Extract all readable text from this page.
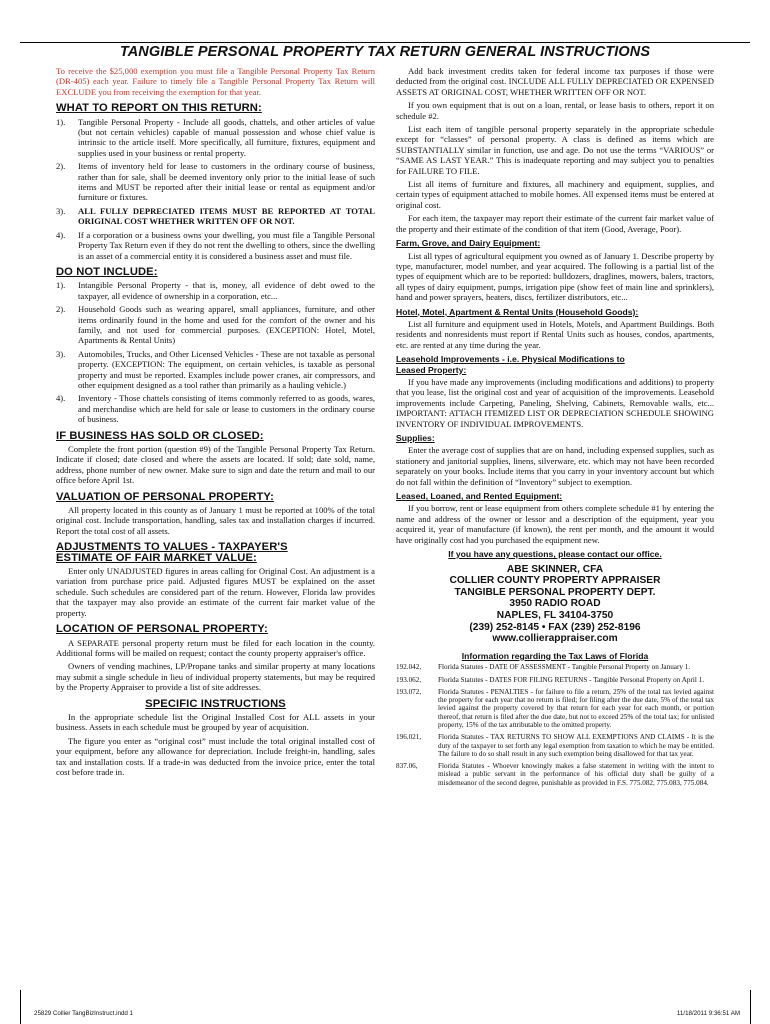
TANGIBLE PERSONAL PROPERTY TAX RETURN GENERAL INSTRUCTIONS

To receive the $25,000 exemption you must file a Tangible Personal Property Tax Return (DR-405) each year. Failure to timely file a Tangible Personal Property Tax Return will EXCLUDE you from receiving the exemption for that year.

WHAT TO REPORT ON THIS RETURN:
1).	Tangible Personal Property - Include all goods, chattels, and other articles of value (but not certain vehicles) capable of manual possession and whose chief value is intrinsic to the article itself. More specifically, all furniture, fixtures, equipment and supplies used in your business or rental property.
2).	Items of inventory held for lease to customers in the ordinary course of business, rather than for sale, shall be deemed inventory only prior to the initial lease of such items and MUST be reported after their initial lease or rental as equipment and/or furniture or fixtures.
3).	ALL FULLY DEPRECIATED ITEMS MUST BE REPORTED AT TOTAL ORIGINAL COST WHETHER WRITTEN OFF OR NOT.
4).	If a corporation or a business owns your dwelling, you must file a Tangible Personal Property Tax Return even if they do not rent the dwelling to others, since the dwelling is an asset of a commercial entity it is considered a business asset and must file.
DO NOT INCLUDE:
1).	Intangible Personal Property - that is, money, all evidence of debt owed to the taxpayer, all evidence of ownership in a corporation, etc...
2).	Household Goods such as wearing apparel, small appliances, furniture, and other items ordinarily found in the home and used for the comfort of the owner and his family, and not used for commercial purposes. (EXCEPTION: Hotel, Motel, Apartments & Rental Units)
3).	Automobiles, Trucks, and Other Licensed Vehicles - These are not taxable as personal property. (EXCEPTION: The equipment, on certain vehicles, is taxable as personal property and must be reported. Examples include power cranes, air compressors, and other equipment designed as a tool rather than primarily as a hauling vehicle.)
4).	Inventory - Those chattels consisting of items commonly referred to as goods, wares, and merchandise which are held for sale or lease to customers in the ordinary course of business.
IF BUSINESS HAS SOLD OR CLOSED:

Complete the front portion (question #9) of the Tangible Personal Property Tax Return. Indicate if closed; date closed and where the assets are located. If sold; date sold, name, address, phone number of new owner. Make sure to sign and date the return and mail to our office before April 1st.

VALUATION OF PERSONAL PROPERTY:

All property located in this county as of January 1 must be reported at 100% of the total original cost. Include transportation, handling, sales tax and installation charges if incurred. Report the total cost of all assets.

ADJUSTMENTS TO VALUES - TAXPAYER'S
ESTIMATE OF FAIR MARKET VALUE:

Enter only UNADJUSTED figures in areas calling for Original Cost. An adjustment is a variation from purchase price paid. Adjusted figures MUST be explained on the asset schedule. Such schedules are considered part of the return. However, Florida law provides that the taxpayer may also provide an estimate of the current fair market value of the property.

LOCATION OF PERSONAL PROPERTY:

A SEPARATE personal property return must be filed for each location in the county. Additional forms will be mailed on request; contact the county property appraiser's office.

Owners of vending machines, LP/Propane tanks and similar property at many locations may submit a single schedule in lieu of individual property statements, but may be required by the Property Appraiser to provide a list of site addresses.

SPECIFIC INSTRUCTIONS

In the appropriate schedule list the Original Installed Cost for ALL assets in your business. Assets in each schedule must be grouped by year of acquisition.

The figure you enter as “original cost” must include the total original installed cost of your equipment, before any allowance for depreciation. Include freight-in, handling, sales tax and installation costs. If a trade-in was deducted from the invoice price, enter the total cost before trade in.

Add back investment credits taken for federal income tax purposes if those were deducted from the original cost. INCLUDE ALL FULLY DEPRECIATED OR EXPENSED ASSETS AT ORIGINAL COST, WHETHER WRITTEN OFF OR NOT.

If you own equipment that is out on a loan, rental, or lease basis to others, report it on schedule #2.

List each item of tangible personal property separately in the appropriate schedule except for “classes” of personal property. A class is defined as items which are SUBSTANTIALLY similar in function, use and age. Do not use the terms “VARIOUS” or “SAME AS LAST YEAR.” This is inadequate reporting and may subject you to penalties for FAILURE TO FILE.

List all items of furniture and fixtures, all machinery and equipment, supplies, and certain types of equipment attached to mobile homes. All expensed items must be entered at original cost.

For each item, the taxpayer may report their estimate of the current fair market value of the property and their estimate of the condition of that item (Good, Average, Poor).

Farm, Grove, and Dairy Equipment:

List all types of agricultural equipment you owned as of January 1. Describe property by type, manufacturer, model number, and year acquired. The following is a partial list of the types of equipment which are to be reported: bulldozers, draglines, mowers, balers, tractors, all types of dairy equipment, pumps, irrigation pipe (show feet of main line and sprinklers), hand and power sprayers, heaters, discs, fertilizer distributors, etc...

Hotel, Motel, Apartment & Rental Units (Household Goods):

List all furniture and equipment used in Hotels, Motels, and Apartment Buildings. Both residents and nonresidents must report if Rental Units such as houses, condos, apartments, etc. are rented at any time during the year.

Leasehold Improvements - i.e. Physical Modifications to
Leased Property:

If you have made any improvements (including modifications and additions) to property that you lease, list the original cost and year of acquisition of the improvements. Leasehold improvements include Carpeting, Paneling, Shelving, Cabinets, Removable walls, etc... IMPORTANT: ATTACH ITEMIZED LIST OR DEPRECIATION SCHEDULE SHOWING INVENTORY OF INDIVIDUAL IMPROVEMENTS.

Supplies:

Enter the average cost of supplies that are on hand, including expensed supplies, such as stationery and janitorial supplies, linens, silverware, etc. which may not have been recorded separately on your books. Include items that you carry in your inventory account but which do not fall within the definition of “Inventory” subject to exemption.

Leased, Loaned, and Rented Equipment:

If you borrow, rent or lease equipment from others complete schedule #1 by entering the name and address of the owner or lessor and a description of the equipment, year you acquired it, year of manufacture (if known), the rent per month, and the amount it would have originally cost had you purchased the equipment new.

If you have any questions, please contact our office.
ABE SKINNER, CFA
COLLIER COUNTY PROPERTY APPRAISER
TANGIBLE PERSONAL PROPERTY DEPT.
3950 RADIO ROAD
NAPLES, FL 34104-3750
(239) 252-8145 • FAX (239) 252-8196
www.collierappraiser.com
Information regarding the Tax Laws of Florida
192.042,	Florida Statutes - DATE OF ASSESSMENT - Tangible Personal Property on January 1.
193.062,	Florida Statutes - DATES FOR FILING RETURNS - Tangible Personal Property on April 1.
193.072,	Florida Statutes - PENALTIES - for failure to file a return, 25% of the total tax levied against the property for each year that no return is filed; for filing after the due date, 5% of the total tax levied against the property covered by that return for each year for each month, or portion thereof, that return is filed after the due date, but not to exceed 25% of the total tax; for unlisted property, 15% of the tax attributable to the omitted property.
196.021,	Florida Statutes - TAX RETURNS TO SHOW ALL EXEMPTIONS AND CLAIMS - It is the duty of the taxpayer to set forth any legal exemption from taxation to which he may be entitled. The failure to do so shall result in any such exemption being disallowed for that tax year.
837.06,	Florida Statutes - Whoever knowingly makes a false statement in writing with the intent to mislead a public servant in the performance of his official duty shall be guilty of a misdemeanor of the second degree, punishable as provided in F.S. 775.082, 775.083, 775.084.
25829 Collier TangBizInstruct.indd 1	11/18/2011 9:36:51 AM
